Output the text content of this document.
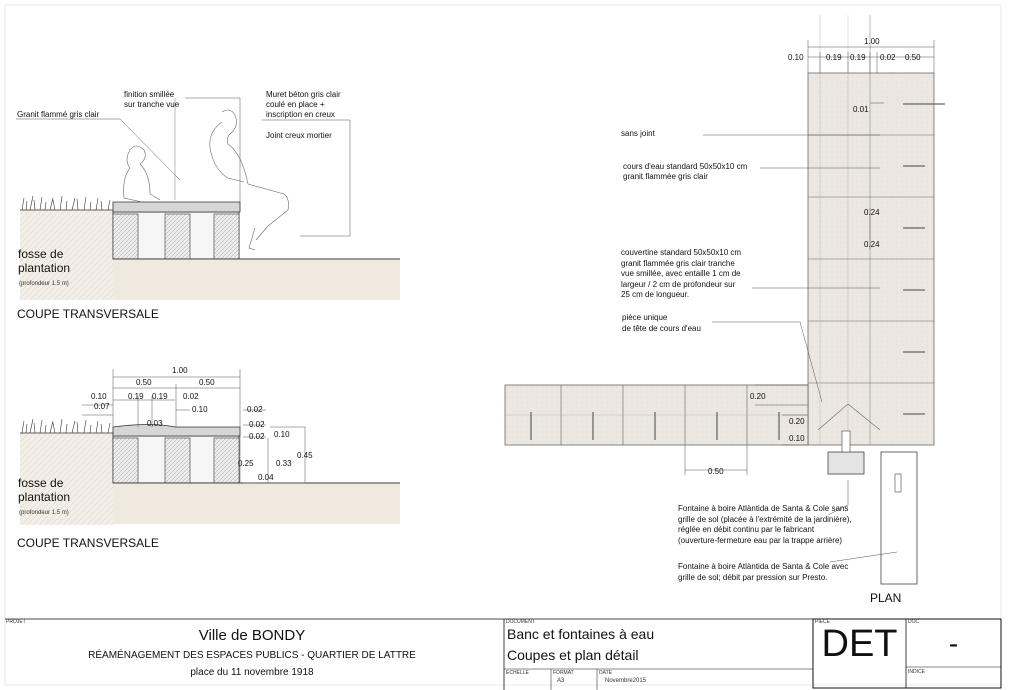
Granit flammé gris clair
finition smillée
sur tranche vue
Muret béton gris clair
coulé en place +
inscription en creux
Joint creux mortier
fosse de
plantation
(profondeur 1.5 m)
COUPE TRANSVERSALE
1.00
0.50	0.50
0.10
0.07
0.19 0.19 0.02
0.10
0.03
0.02
0.02
0.02 0.10
0.25	0.33
0.45
0.04
fosse de
plantation
(profondeur 1.5 m)
COUPE TRANSVERSALE
1.00
0.10	0.19 0.19 0.02 0.50
0.01
0.24
0.24
0.20
0.20
0.10
0.50
sans joint
cours d'eau standard 50x50x10 cm
granit flammée gris clair
couvertine standard 50x50x10 cm
granit flammée gris clair tranche
vue smillée, avec entaille 1 cm de
largeur / 2 cm de profondeur sur
25 cm de longueur.
pièce unique
de tête de cours d'eau
Fontaine à boire Atlàntida de Santa & Cole sans
grille de sol (placée à l'extrémité de la jardinière),
réglée en débit continu par le fabricant
(ouverture-fermeture eau par la trappe arrière)
Fontaine à boire Atlàntida de Santa & Cole avec
grille de sol; débit par pression sur Presto.
PLAN
PROJET
Ville de BONDY
RÉAMÉNAGEMENT DES ESPACES PUBLICS - QUARTIER DE LATTRE
place du 11 novembre 1918
DOCUMENT
Banc et fontaines à eau
Coupes et plan détail
ECHELLE	FORMAT
A3
DATE
Novembre2015
PIECE
DET
DOC
-
INDICE
